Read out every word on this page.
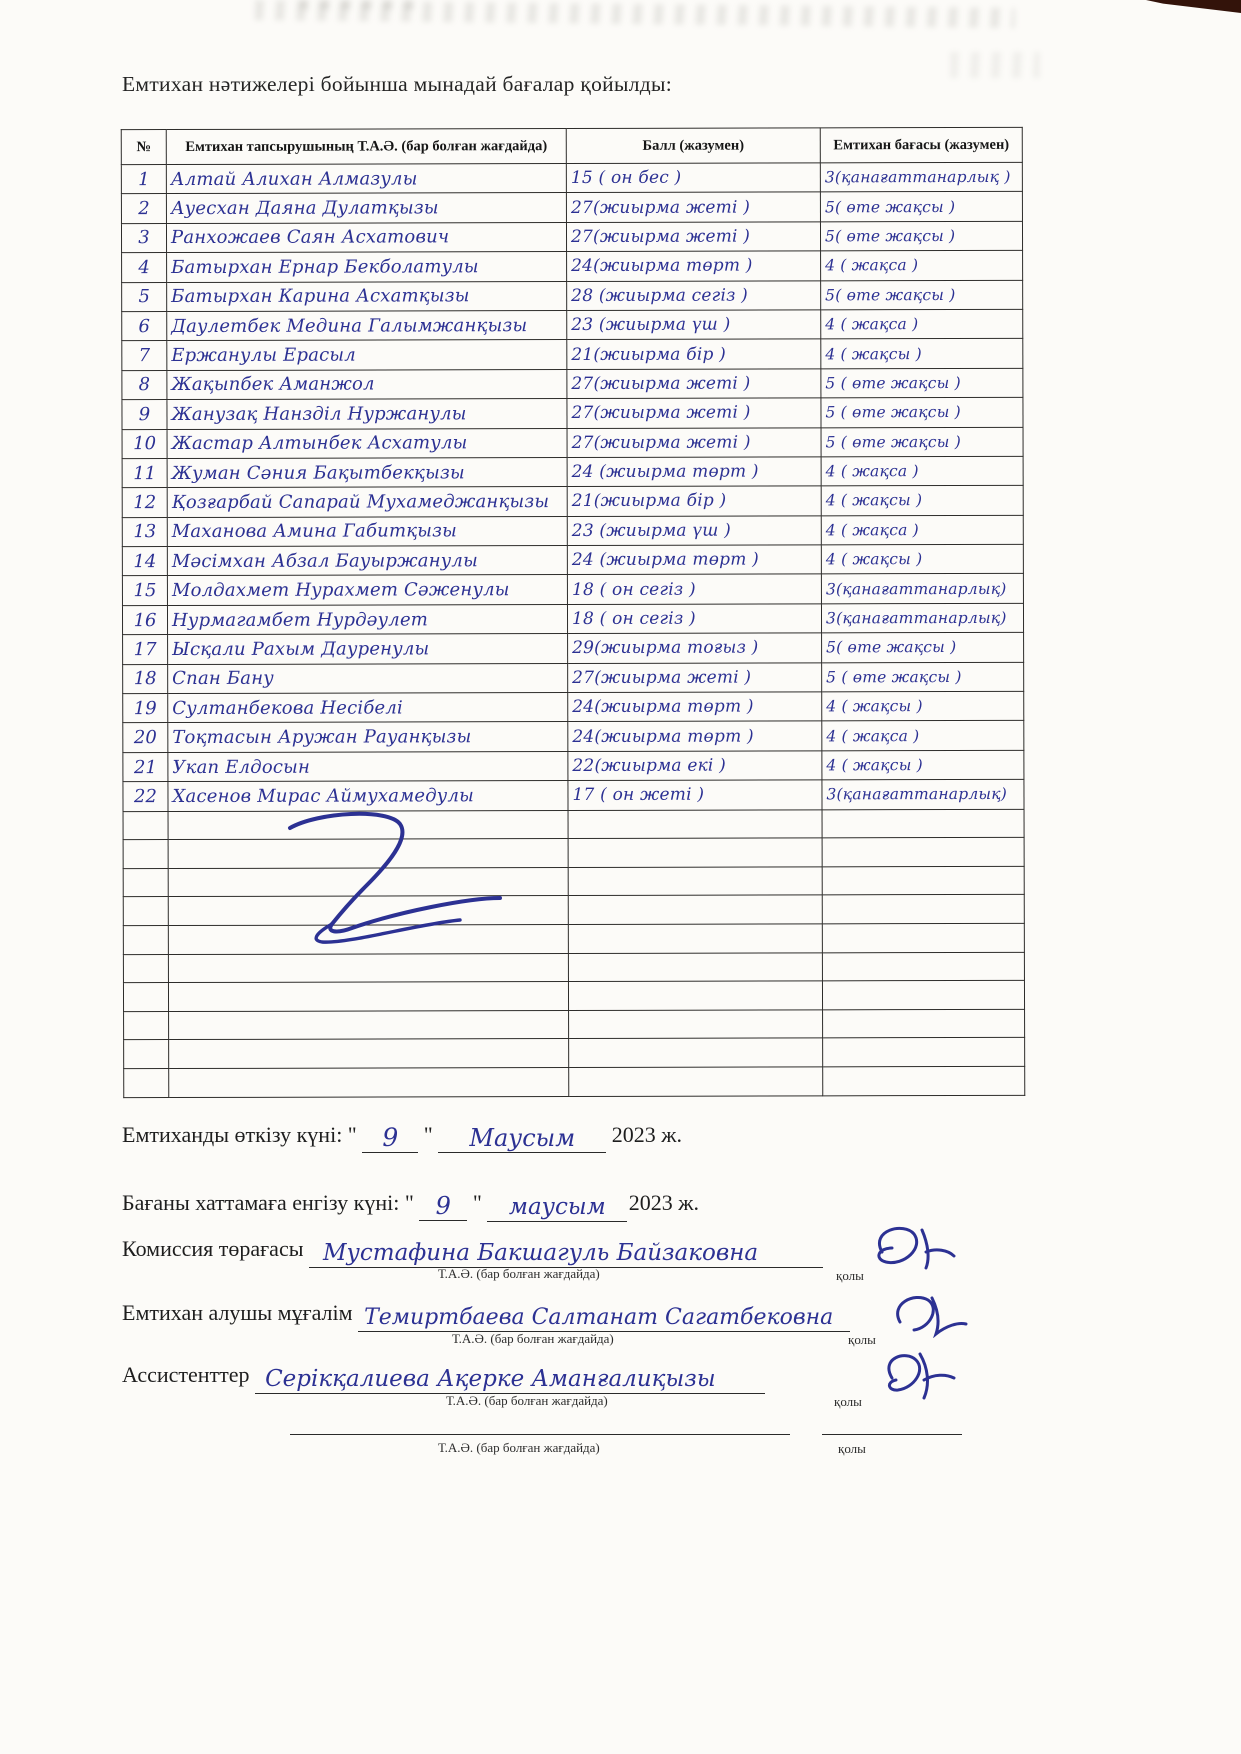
Емтихан нәтижелері бойынша мынадай бағалар қойылды:
№	Емтихан тапсырушының Т.А.Ә. (бар болған жағдайда)	Балл (жазумен)	Емтихан бағасы (жазумен)
1	Алтай Алихан Алмазулы	15 ( он бес )	3(қанағаттанарлық )
2	Ауесхан Даяна Дулатқызы	27(жиырма жеті )	5( өте жақсы )
3	Ранхожаев Саян Асхатович	27(жиырма жеті )	5( өте жақсы )
4	Батырхан Ернар Бекболатулы	24(жиырма төрт )	4 ( жақса )
5	Батырхан Карина Асхатқызы	28 (жиырма сегіз )	5( өте жақсы )
6	Даулетбек Медина Галымжанқызы	23 (жиырма үш )	4 ( жақса )
7	Ержанулы Ерасыл	21(жиырма бір )	4 ( жақсы )
8	Жақыпбек Аманжол	27(жиырма жеті )	5 ( өте жақсы )
9	Жанузақ Нанзділ Нуржанулы	27(жиырма жеті )	5 ( өте жақсы )
10	Жастар Алтынбек Асхатулы	27(жиырма жеті )	5 ( өте жақсы )
11	Жуман Сәния Бақытбекқызы	24 (жиырма төрт )	4 ( жақса )
12	Қозғарбай Сапарай Мухамеджанқызы	21(жиырма бір )	4 ( жақсы )
13	Маханова Амина Габитқызы	23 (жиырма үш )	4 ( жақса )
14	Мәсімхан Абзал Бауыржанулы	24 (жиырма төрт )	4 ( жақсы )
15	Молдахмет Нурахмет Сәженулы	18 ( он сегіз )	3(қанағаттанарлық)
16	Нурмагамбет Нурдәулет	18 ( он сегіз )	3(қанағаттанарлық)
17	Ысқали Рахым Дауренулы	29(жиырма тоғыз )	5( өте жақсы )
18	Спан Бану	27(жиырма жеті )	5 ( өте жақсы )
19	Султанбекова Несібелі	24(жиырма төрт )	4 ( жақсы )
20	Тоқтасын Аружан Рауанқызы	24(жиырма төрт )	4 ( жақса )
21	Укап Елдосын	22(жиырма екі )	4 ( жақсы )
22	Хасенов Мирас Аймухамедулы	17 ( он жеті )	3(қанағаттанарлық)

Емтиханды өткізу күні: " 9 " Маусым 2023 ж.
Бағаны хаттамаға енгізу күні: " 9 " маусым 2023 ж.
Комиссия төрағасы Мустафина Бакшагуль Байзаковна
Т.А.Ә. (бар болған жағдайда)	қолы
Емтихан алушы мұғалім Темиртбаева Салтанат Сагатбековна
Т.А.Ә. (бар болған жағдайда)	қолы
Ассистенттер Серікқалиева Ақерке Аманғалиқызы
Т.А.Ә. (бар болған жағдайда)	қолы
Т.А.Ә. (бар болған жағдайда)	қолы
